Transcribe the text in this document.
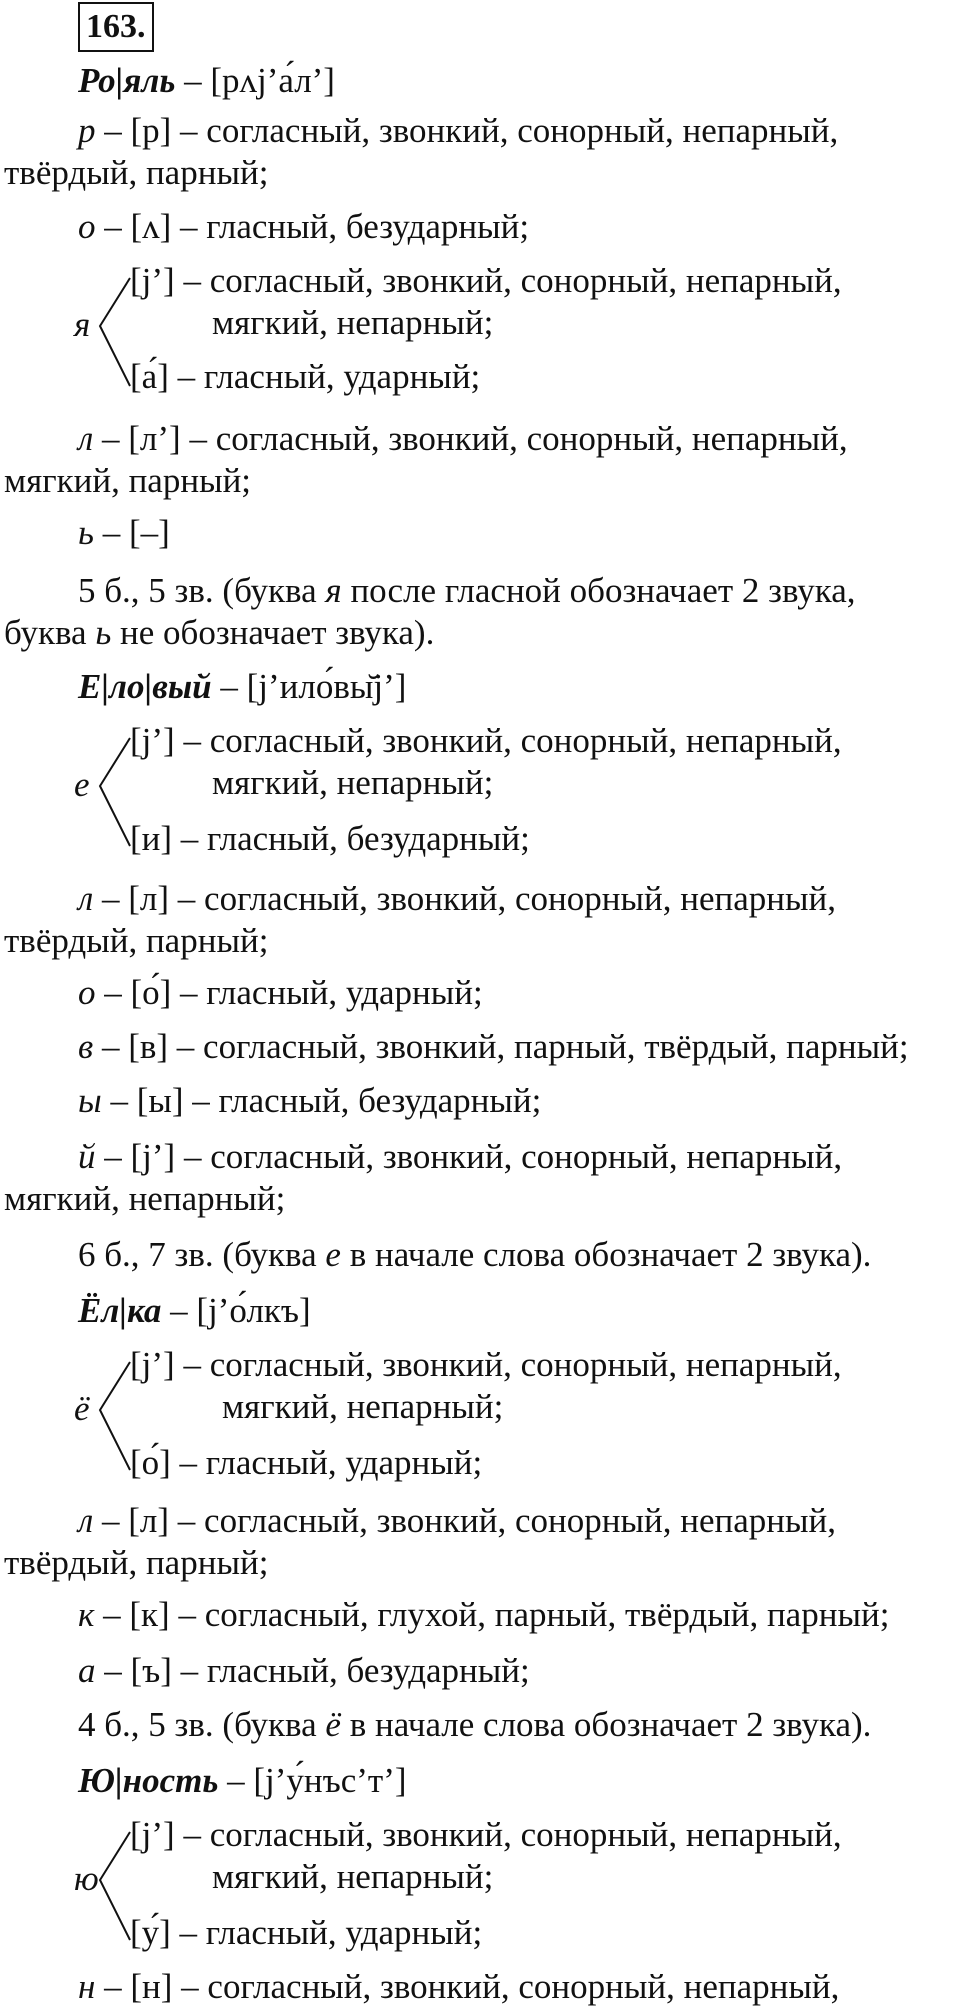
163.
Ро|яль – [рʌj’а́л’]
р – [р] – согласный, звонкий, сонорный, непарный,
твёрдый, парный;
о – [ʌ] – гласный, безударный;
я
[j’] – согласный, звонкий, сонорный, непарный,
мягкий, непарный;
[а́] – гласный, ударный;
л – [л’] – согласный, звонкий, сонорный, непарный,
мягкий, парный;
ь – [–]
5 б., 5 зв. (буква я после гласной обозначает 2 звука,
буква ь не обозначает звука).
Е|ло|вый – [j’ило́вы̆j’]
е
[j’] – согласный, звонкий, сонорный, непарный,
мягкий, непарный;
[и] – гласный, безударный;
л – [л] – согласный, звонкий, сонорный, непарный,
твёрдый, парный;
о – [о́] – гласный, ударный;
в – [в] – согласный, звонкий, парный, твёрдый, парный;
ы – [ы] – гласный, безударный;
й – [j’] – согласный, звонкий, сонорный, непарный,
мягкий, непарный;
6 б., 7 зв. (буква е в начале слова обозначает 2 звука).
Ёл|ка – [j’о́лкъ]
ё
[j’] – согласный, звонкий, сонорный, непарный,
мягкий, непарный;
[о́] – гласный, ударный;
л – [л] – согласный, звонкий, сонорный, непарный,
твёрдый, парный;
к – [к] – согласный, глухой, парный, твёрдый, парный;
а – [ъ] – гласный, безударный;
4 б., 5 зв. (буква ё в начале слова обозначает 2 звука).
Ю|ность – [j’у́нъс’т’]
ю
[j’] – согласный, звонкий, сонорный, непарный,
мягкий, непарный;
[у́] – гласный, ударный;
н – [н] – согласный, звонкий, сонорный, непарный,
